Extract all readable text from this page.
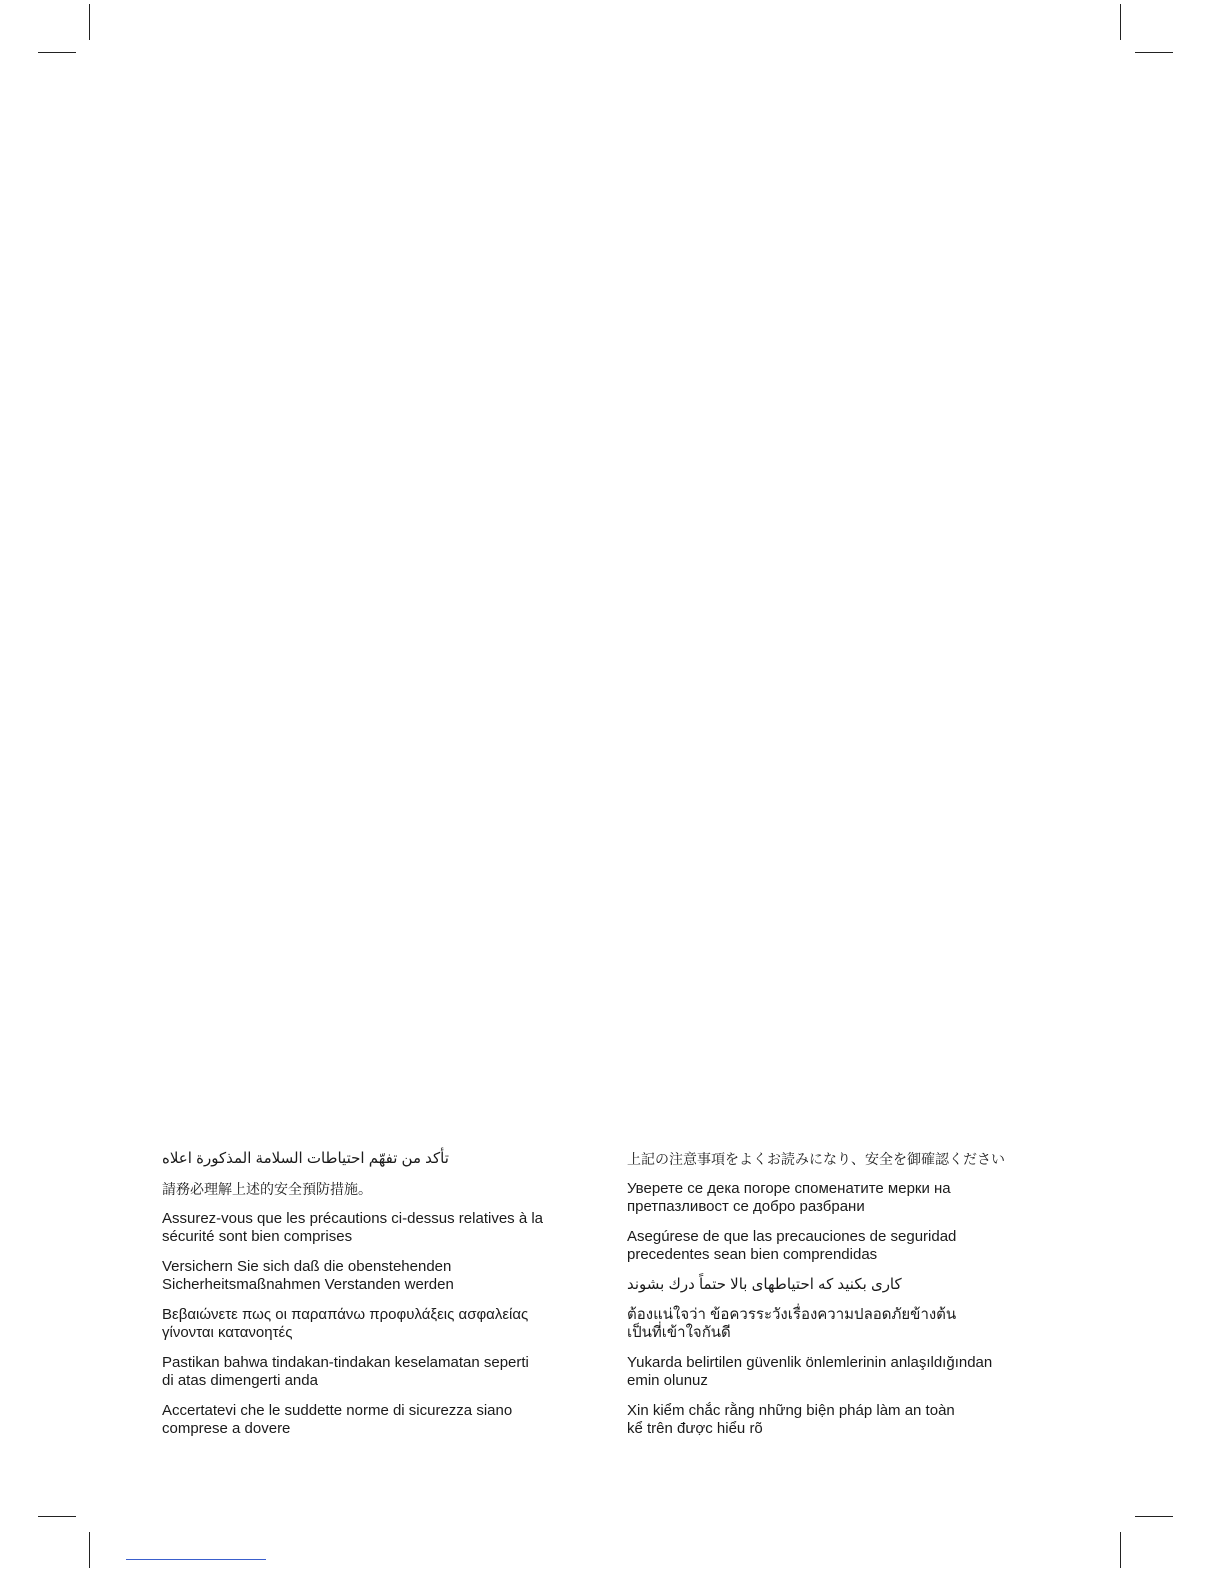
تأكد من تفهّم احتياطات السلامة المذكورة اعلاه

請務必理解上述的安全預防措施。

Assurez-vous que les précautions ci-dessus relatives à la
sécurité sont bien comprises

Versichern Sie sich daß die obenstehenden
Sicherheitsmaßnahmen Verstanden werden

Βεβαιώνετε πως οι παραπάνω προφυλάξεις ασφαλείας
γίνονται κατανοητές

Pastikan bahwa tindakan-tindakan keselamatan seperti
di atas dimengerti anda

Accertatevi che le suddette norme di sicurezza siano
comprese a dovere

上記の注意事項をよくお読みになり、安全を御確認ください

Уверете се дека погоре споменатите мерки на
претпазливост се добро разбрани

Asegúrese de que las precauciones de seguridad
precedentes sean bien comprendidas

كارى بكنيد كه احتياطهاى بالا حتماً درك بشوند

ต้องแน่ใจว่า ข้อควรระวังเรื่องความปลอดภัยข้างต้น
เป็นที่เข้าใจกันดี

Yukarda belirtilen güvenlik önlemlerinin anlaşıldığından
emin olunuz

Xin kiểm chắc rằng những biện pháp làm an toàn
kể trên được hiểu rõ
